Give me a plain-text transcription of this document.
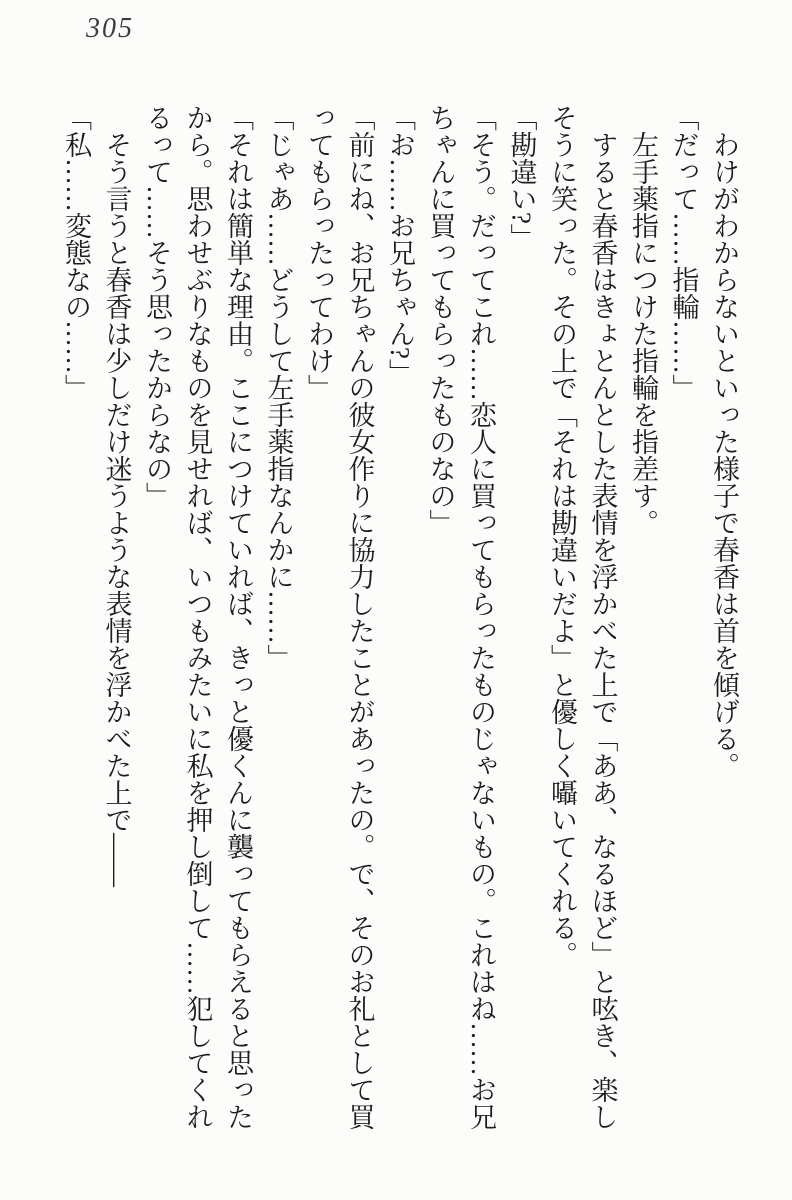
305

わけがわからないといった様子で春香は首を傾げる。

「だって……指輪……」

左手薬指につけた指輪を指差す。

すると春香はきょとんとした表情を浮かべた上で「ああ、なるほど」と呟き、楽しそうに笑った。その上で「それは勘違いだよ」と優しく囁いてくれる。

「勘違い?」

「そう。だってこれ……恋人に買ってもらったものじゃないもの。これはね……お兄ちゃんに買ってもらったものなの」

「お……お兄ちゃん?」

「前にね、お兄ちゃんの彼女作りに協力したことがあったの。で、そのお礼として買ってもらったってわけ」

「じゃあ……どうして左手薬指なんかに……」

「それは簡単な理由。ここにつけていれば、きっと優くんに襲ってもらえると思ったから。思わせぶりなものを見せれば、いつもみたいに私を押し倒して……犯してくれるって……そう思ったからなの」

そう言うと春香は少しだけ迷うような表情を浮かべた上で――

「私……変態なの……」
